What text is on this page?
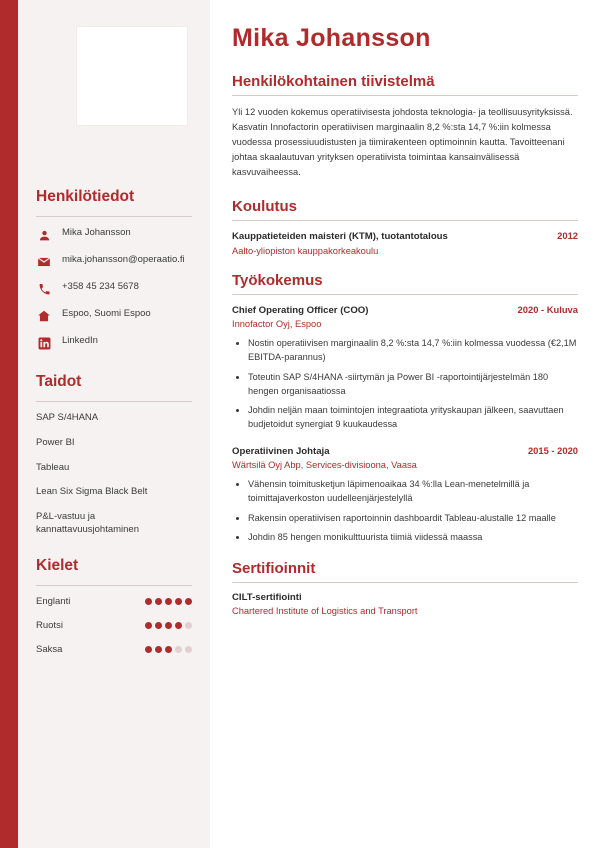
Henkilötiedot
Mika Johansson
mika.johansson@operaatio.fi
+358 45 234 5678
Espoo, Suomi Espoo
LinkedIn
Taidot
SAP S/4HANA
Power BI
Tableau
Lean Six Sigma Black Belt
P&L-vastuu ja kannattavuusjohtaminen
Kielet
Englanti
Ruotsi
Saksa
Mika Johansson
Henkilökohtainen tiivistelmä

Yli 12 vuoden kokemus operatiivisesta johdosta teknologia- ja teollisuusyrityksissä. Kasvatin Innofactorin operatiivisen marginaalin 8,2 %:sta 14,7 %:iin kolmessa vuodessa prosessiuudistusten ja tiimirakenteen optimoinnin kautta. Tavoitteenani johtaa skaalautuvan yrityksen operatiivista toimintaa kansainvälisessä kasvuvaiheessa.

Koulutus
Kauppatieteiden maisteri (KTM), tuotantotalous	2012
Aalto-yliopiston kauppakorkeakoulu
Työkokemus
Chief Operating Officer (COO)	2020 - Kuluva
Innofactor Oyj, Espoo
• Nostin operatiivisen marginaalin 8,2 %:sta 14,7 %:iin kolmessa vuodessa (€2,1M EBITDA-parannus)
• Toteutin SAP S/4HANA -siirtymän ja Power BI -raportointijärjestelmän 180 hengen organisaatiossa
• Johdin neljän maan toimintojen integraatiota yrityskaupan jälkeen, saavuttaen budjetoidut synergiat 9 kuukaudessa
Operatiivinen Johtaja	2015 - 2020
Wärtsilä Oyj Abp, Services-divisioona, Vaasa
• Vähensin toimitusketjun läpimenoaikaa 34 %:lla Lean-menetelmillä ja toimittajaverkoston uudelleenjärjestelyllä
• Rakensin operatiivisen raportoinnin dashboardit Tableau-alustalle 12 maalle
• Johdin 85 hengen monikulttuurista tiimiä viidessä maassa
Sertifioinnit
CILT-sertifiointi
Chartered Institute of Logistics and Transport
